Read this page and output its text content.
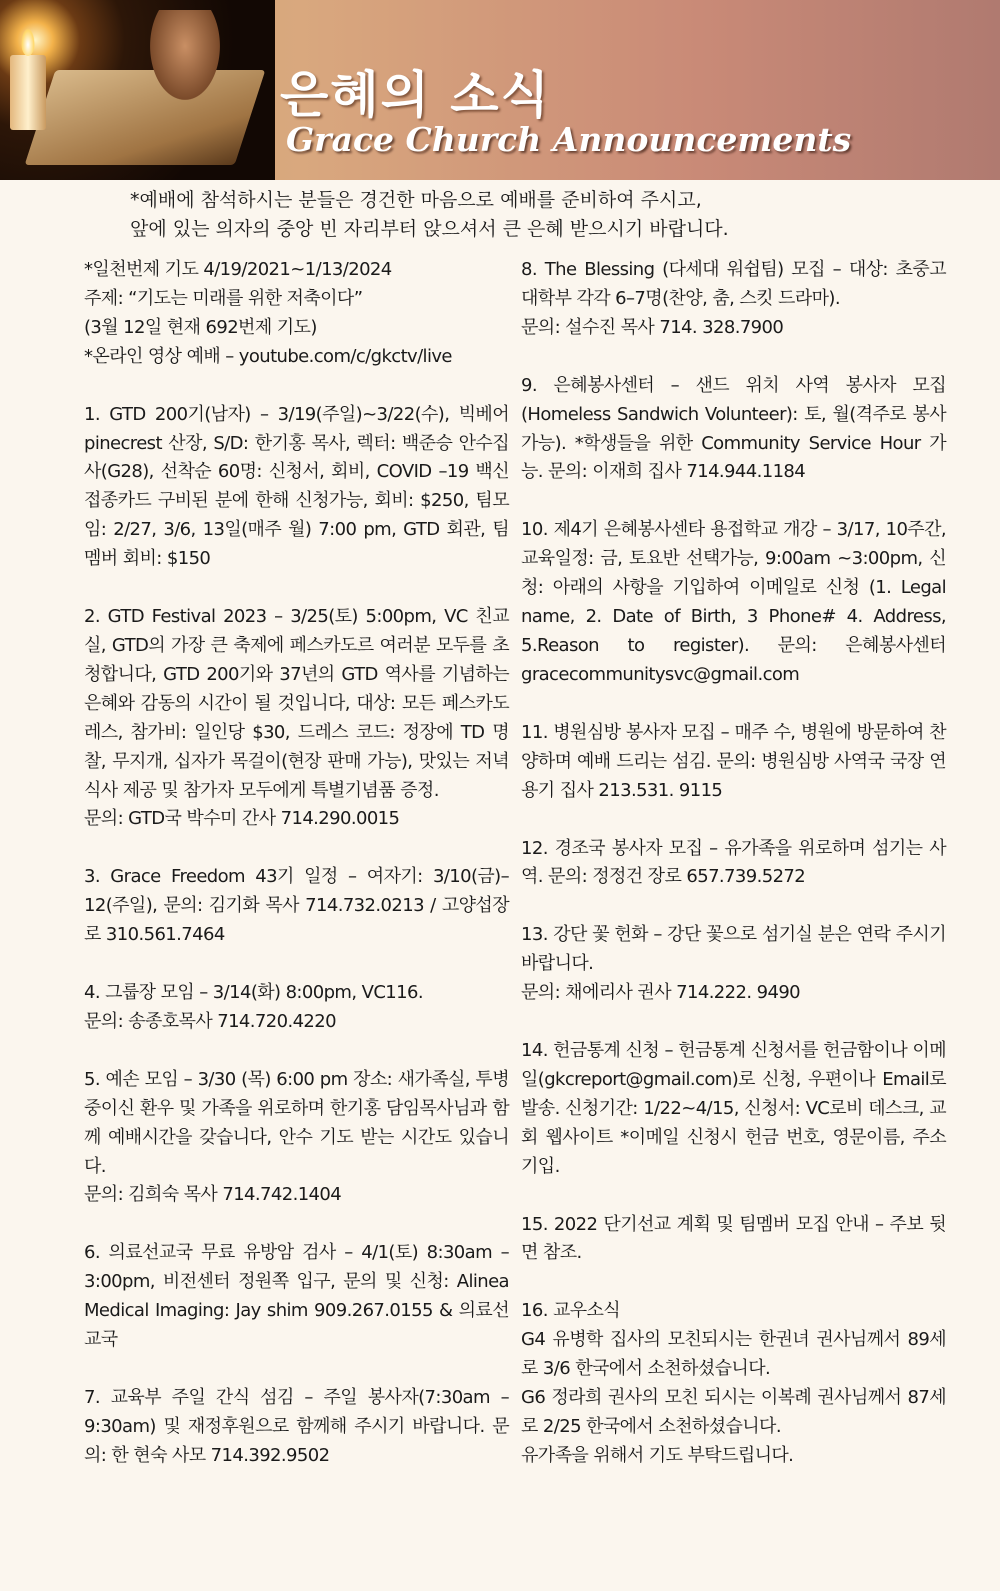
은혜의 소식
Grace Church Announcements
*예배에 참석하시는 분들은 경건한 마음으로 예배를 준비하여 주시고,
앞에 있는 의자의 중앙 빈 자리부터 앉으셔서 큰 은혜 받으시기 바랍니다.

*일천번제 기도 4/19/2021~1/13/2024
주제: “기도는 미래를 위한 저축이다”
(3월 12일 현재 692번제 기도)
*온라인 영상 예배 – youtube.com/c/gkctv/live

1. GTD 200기(남자) – 3/19(주일)~3/22(수), 빅베어 pinecrest 산장, S/D: 한기홍 목사, 렉터: 백준승 안수집사(G28), 선착순 60명: 신청서, 회비, COVID –19 백신 접종카드 구비된 분에 한해 신청가능, 회비: $250, 팀모임: 2/27, 3/6, 13일(매주 월) 7:00 pm, GTD 회관, 팀멤버 회비: $150

2. GTD Festival 2023 – 3/25(토) 5:00pm, VC 친교실, GTD의 가장 큰 축제에 페스카도르 여러분 모두를 초청합니다, GTD 200기와 37년의 GTD 역사를 기념하는 은혜와 감동의 시간이 될 것입니다, 대상: 모든 페스카도레스, 참가비: 일인당 $30, 드레스 코드: 정장에 TD 명찰, 무지개, 십자가 목걸이(현장 판매 가능), 맛있는 저녁식사 제공 및 참가자 모두에게 특별기념품 증정.
문의: GTD국 박수미 간사 714.290.0015

3. Grace Freedom 43기 일정 – 여자기: 3/10(금)–12(주일), 문의: 김기화 목사 714.732.0213 / 고양섭장로 310.561.7464

4. 그룹장 모임 – 3/14(화) 8:00pm, VC116.
문의: 송종호목사 714.720.4220

5. 예손 모임 – 3/30 (목) 6:00 pm 장소: 새가족실, 투병 중이신 환우 및 가족을 위로하며 한기홍 담임목사님과 함께 예배시간을 갖습니다, 안수 기도 받는 시간도 있습니다.
문의: 김희숙 목사 714.742.1404

6. 의료선교국 무료 유방암 검사 – 4/1(토) 8:30am –3:00pm, 비전센터 정원쪽 입구, 문의 및 신청: Alinea Medical Imaging: Jay shim 909.267.0155 & 의료선교국

7. 교육부 주일 간식 섬김 – 주일 봉사자(7:30am –9:30am) 및 재정후원으로 함께해 주시기 바랍니다. 문의: 한 현숙 사모 714.392.9502

8. The Blessing (다세대 워쉽팀) 모집 – 대상: 초중고 대학부 각각 6–7명(찬양, 춤, 스킷 드라마).
문의: 설수진 목사 714. 328.7900

9. 은혜봉사센터 – 샌드 위치 사역 봉사자 모집 (Homeless Sandwich Volunteer): 토, 월(격주로 봉사 가능). *학생들을 위한 Community Service Hour 가능. 문의: 이재희 집사 714.944.1184

10. 제4기 은혜봉사센타 용접학교 개강 – 3/17, 10주간, 교육일정: 금, 토요반 선택가능, 9:00am ~3:00pm, 신청: 아래의 사항을 기입하여 이메일로 신청 (1. Legal name, 2. Date of Birth, 3 Phone# 4. Address, 5.Reason to register). 문의: 은혜봉사센터 gracecommunitysvc@gmail.com

11. 병원심방 봉사자 모집 – 매주 수, 병원에 방문하여 찬양하며 예배 드리는 섬김. 문의: 병원심방 사역국 국장 연용기 집사 213.531. 9115

12. 경조국 봉사자 모집 – 유가족을 위로하며 섬기는 사역. 문의: 정정건 장로 657.739.5272

13. 강단 꽃 헌화 – 강단 꽃으로 섬기실 분은 연락 주시기 바랍니다.
문의: 채에리사 권사 714.222. 9490

14. 헌금통계 신청 – 헌금통계 신청서를 헌금함이나 이메일(gkcreport@gmail.com)로 신청, 우편이나 Email로 발송. 신청기간: 1/22~4/15, 신청서: VC로비 데스크, 교회 웹사이트 *이메일 신청시 헌금 번호, 영문이름, 주소 기입.

15. 2022 단기선교 계획 및 팀멤버 모집 안내 – 주보 뒷면 참조.

16. 교우소식
G4 유병학 집사의 모친되시는 한권녀 권사님께서 89세로 3/6 한국에서 소천하셨습니다.
G6 정라희 권사의 모친 되시는 이복례 권사님께서 87세로 2/25 한국에서 소천하셨습니다.
유가족을 위해서 기도 부탁드립니다.
